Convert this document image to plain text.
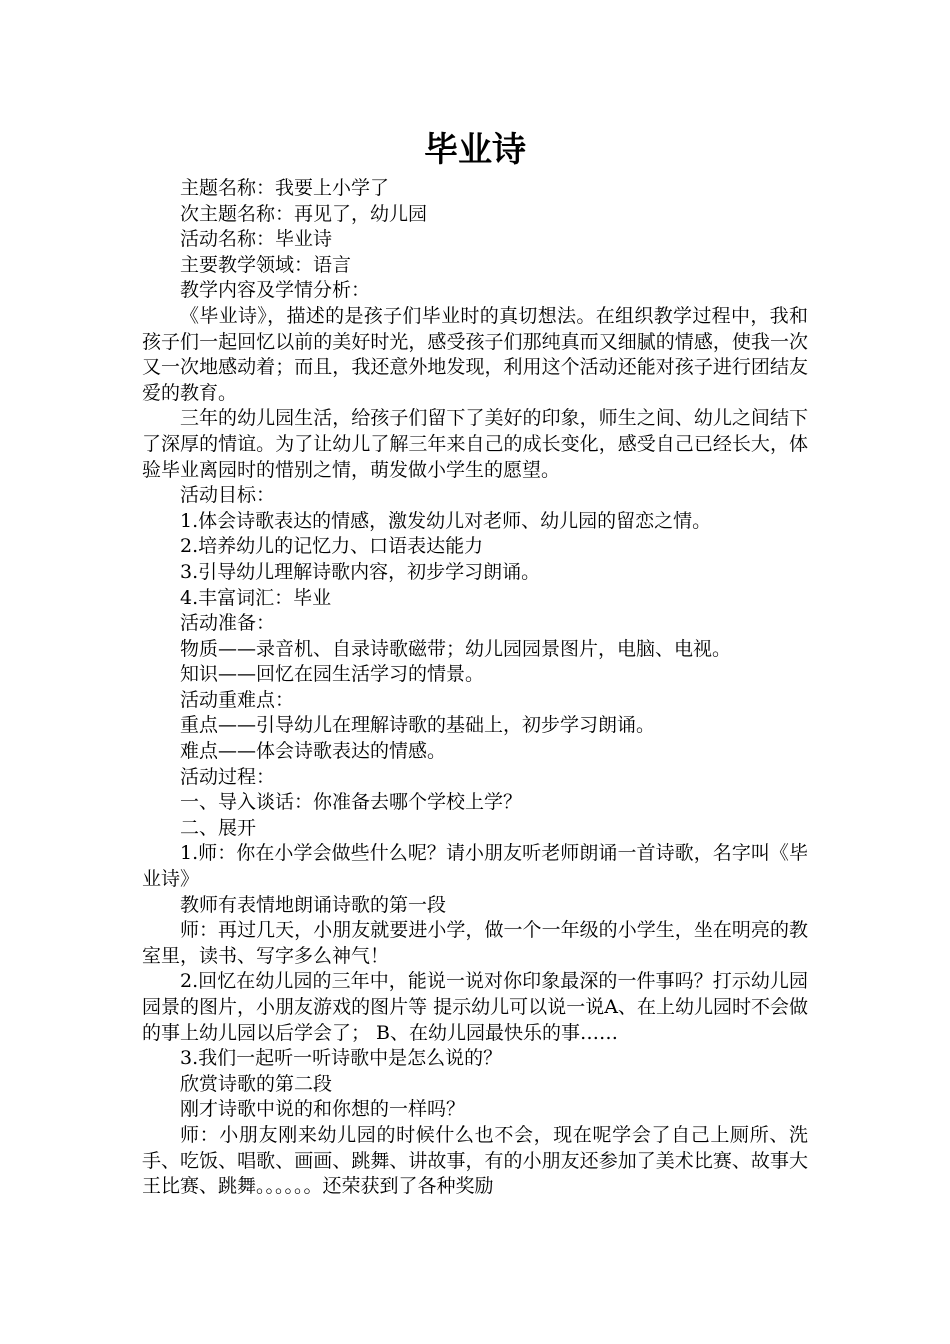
毕业诗

主题名称：我要上小学了

次主题名称：再见了，幼儿园

活动名称：毕业诗

主要教学领域：语言

教学内容及学情分析：

《毕业诗》，描述的是孩子们毕业时的真切想法。在组织教学过程中，我和孩子们一起回忆以前的美好时光，感受孩子们那纯真而又细腻的情感，使我一次又一次地感动着；而且，我还意外地发现，利用这个活动还能对孩子进行团结友爱的教育。

三年的幼儿园生活，给孩子们留下了美好的印象，师生之间、幼儿之间结下了深厚的情谊。为了让幼儿了解三年来自己的成长变化，感受自己已经长大，体验毕业离园时的惜别之情，萌发做小学生的愿望。

活动目标：

1.体会诗歌表达的情感，激发幼儿对老师、幼儿园的留恋之情。

2.培养幼儿的记忆力、口语表达能力

3.引导幼儿理解诗歌内容，初步学习朗诵。

4.丰富词汇：毕业

活动准备：

物质——录音机、自录诗歌磁带；幼儿园园景图片，电脑、电视。

知识——回忆在园生活学习的情景。

活动重难点：

重点——引导幼儿在理解诗歌的基础上，初步学习朗诵。

难点——体会诗歌表达的情感。

活动过程：

一、导入谈话：你准备去哪个学校上学？

二、展开

1.师：你在小学会做些什么呢？请小朋友听老师朗诵一首诗歌，名字叫《毕业诗》

教师有表情地朗诵诗歌的第一段

师：再过几天，小朋友就要进小学，做一个一年级的小学生，坐在明亮的教室里，读书、写字多么神气！

2.回忆在幼儿园的三年中，能说一说对你印象最深的一件事吗？打示幼儿园园景的图片，小朋友游戏的图片等 提示幼儿可以说一说A、在上幼儿园时不会做的事上幼儿园以后学会了； B、在幼儿园最快乐的事……

3.我们一起听一听诗歌中是怎么说的？

欣赏诗歌的第二段

刚才诗歌中说的和你想的一样吗？

师：小朋友刚来幼儿园的时候什么也不会，现在呢学会了自己上厕所、洗手、吃饭、唱歌、画画、跳舞、讲故事，有的小朋友还参加了美术比赛、故事大王比赛、跳舞。。。。。。还荣获到了各种奖励
